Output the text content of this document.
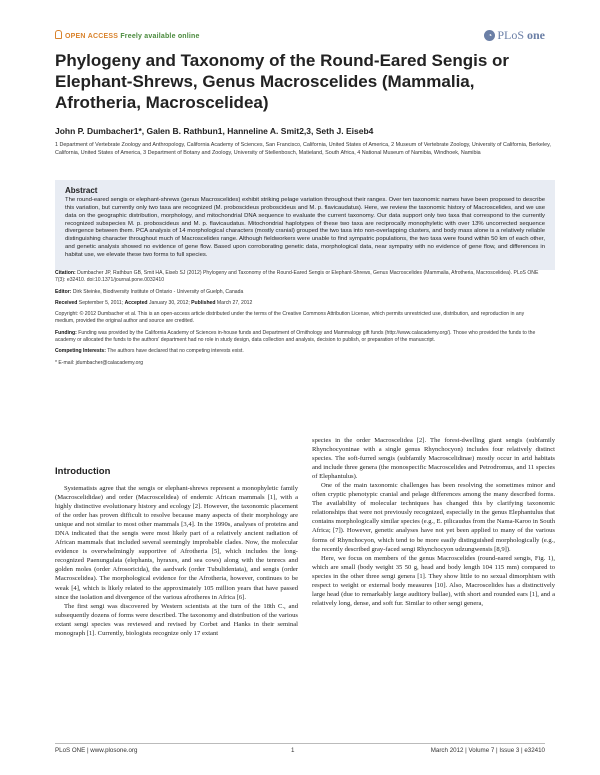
OPEN ACCESS Freely available online	◔ PLoS one
Phylogeny and Taxonomy of the Round-Eared Sengis or Elephant-Shrews, Genus Macroscelides (Mammalia, Afrotheria, Macroscelidea)

John P. Dumbacher1*, Galen B. Rathbun1, Hanneline A. Smit2,3, Seth J. Eiseb4

1 Department of Vertebrate Zoology and Anthropology, California Academy of Sciences, San Francisco, California, United States of America, 2 Museum of Vertebrate Zoology, University of California, Berkeley, California, United States of America, 3 Department of Botany and Zoology, University of Stellenbosch, Matieland, South Africa, 4 National Museum of Namibia, Windhoek, Namibia

Abstract

The round-eared sengis or elephant-shrews (genus Macroscelides) exhibit striking pelage variation throughout their ranges. Over ten taxonomic names have been proposed to describe this variation, but currently only two taxa are recognized (M. proboscideus proboscideus and M. p. flavicaudatus). Here, we review the taxonomic history of Macroscelides, and we use data on the geographic distribution, morphology, and mitochondrial DNA sequence to evaluate the current taxonomy. Our data support only two taxa that correspond to the currently recognized subspecies M. p. proboscideus and M. p. flavicaudatus. Mitochondrial haplotypes of these two taxa are reciprocally monophyletic with over 13% uncorrected sequence divergence between them. PCA analysis of 14 morphological characters (mostly cranial) grouped the two taxa into non-overlapping clusters, and body mass alone is a relatively reliable distinguishing character throughout much of Macroscelides range. Although fieldworkers were unable to find sympatric populations, the two taxa were found within 50 km of each other, and genetic analysis showed no evidence of gene flow. Based upon corroborating genetic data, morphological data, near sympatry with no evidence of gene flow, and differences in habitat use, we elevate these two forms to full species.

Citation: Dumbacher JP, Rathbun GB, Smit HA, Eiseb SJ (2012) Phylogeny and Taxonomy of the Round-Eared Sengis or Elephant-Shrews, Genus Macroscelides (Mammalia, Afrotheria, Macroscelidea). PLoS ONE 7(3): e32410. doi:10.1371/journal.pone.0032410

Editor: Dirk Steinke, Biodiversity Institute of Ontario - University of Guelph, Canada

Received September 5, 2011; Accepted January 30, 2012; Published March 27, 2012

Copyright: © 2012 Dumbacher et al. This is an open-access article distributed under the terms of the Creative Commons Attribution License, which permits unrestricted use, distribution, and reproduction in any medium, provided the original author and source are credited.

Funding: Funding was provided by the California Academy of Sciences in-house funds and Department of Ornithology and Mammalogy gift funds (http://www.calacademy.org/). Those who provided the funds to the academy or allocated the funds to the authors' department had no role in study design, data collection and analysis, decision to publish, or preparation of the manuscript.

Competing Interests: The authors have declared that no competing interests exist.

* E-mail: jdumbacher@calacademy.org

Introduction

Systematists agree that the sengis or elephant-shrews represent a monophyletic family (Macroscelididae) and order (Macroscelidea) of endemic African mammals [1], with a highly distinctive evolutionary history and ecology [2]. However, the taxonomic placement of the order has proven difficult to resolve because many aspects of their morphology are unique and not similar to most other mammals [3,4]. In the 1990s, analyses of proteins and DNA indicated that the sengis were most likely part of a relatively ancient radiation of African mammals that included several seemingly improbable clades. Now, the molecular evidence is overwhelmingly supportive of Afrotheria [5], which includes the long-recognized Paenungulata (elephants, hyraxes, and sea cows) along with the tenrecs and golden moles (order Afrosoricida), the aardvark (order Tubulidentata), and sengis (order Macroscelidea). The morphological evidence for the Afrotheria, however, continues to be weak [4], which is likely related to the approximately 105 million years that have passed since the isolation and divergence of the various afrotheres in Africa [6].

The first sengi was discovered by Western scientists at the turn of the 18th C., and subsequently dozens of forms were described. The taxonomy and distribution of the various extant sengi species was reviewed and revised by Corbet and Hanks in their seminal monograph [1]. Currently, biologists recognize only 17 extant

species in the order Macroscelidea [2]. The forest-dwelling giant sengis (subfamily Rhynchocyoninae with a single genus Rhynchocyon) includes four relatively distinct species. The soft-furred sengis (subfamily Macroscelidinae) mostly occur in arid habitats and include three genera (the monospecific Macroscelides and Petrodromus, and 11 species of Elephantulus).

One of the main taxonomic challenges has been resolving the sometimes minor and often cryptic phenotypic cranial and pelage differences among the many described forms. The availability of molecular techniques has changed this by clarifying taxonomic relationships that were not previously recognized, especially in the genus Elephantulus that contains morphologically similar species (e.g., E. pilicaudus from the Nama-Karoo in South Africa; [7]). However, genetic analyses have not yet been applied to many of the various forms of Rhynchocyon, which tend to be more easily distinguished morphologically (e.g., the recently described gray-faced sengi Rhynchocyon udzungwensis [8,9]).

Here, we focus on members of the genus Macroscelides (round-eared sengis, Fig. 1), which are small (body weight 35 50 g, head and body length 104 115 mm) compared to species in the other three sengi genera [1]. They show little to no sexual dimorphism with respect to weight or external body measures [10]. Also, Macroscelides has a distinctively large head (due to remarkably large auditory bullae), with short and rounded ears [1], and a relatively long, dense, and soft fur. Similar to other sengi genera,

PLoS ONE | www.plosone.org	1	March 2012 | Volume 7 | Issue 3 | e32410
